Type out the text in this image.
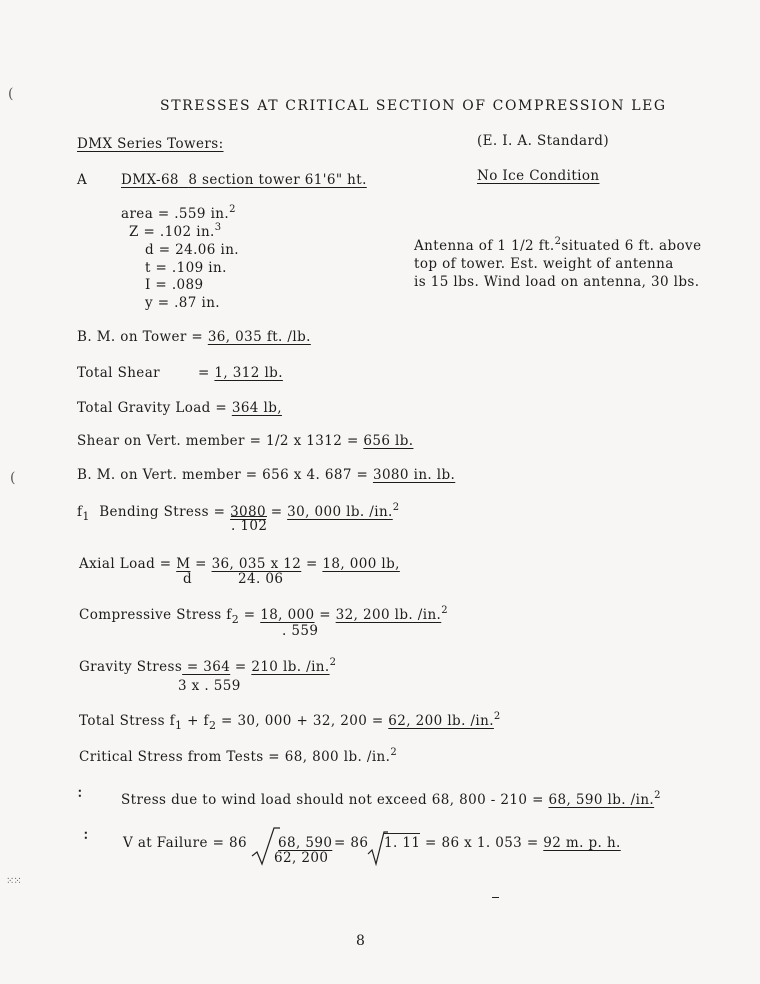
(
(
STRESSES AT CRITICAL SECTION OF COMPRESSION LEG
DMX Series Towers:	(E. I. A. Standard)
A	DMX-68 8 section tower 61'6" ht.	No Ice Condition
area = .559 in.$^2$
Z = .102 in.$^3$
d = 24.06 in.
t = .109 in.
I = .089
y = .87 in.
Antenna of 1 1/2 ft.$^2$situated 6 ft. above
top of tower. Est. weight of antenna
is 15 lbs. Wind load on antenna, 30 lbs.
B. M. on Tower = 36, 035 ft. /lb.
Total Shear	= 1, 312 lb.
Total Gravity Load = 364 lb,
Shear on Vert. member = 1/2 x 1312 = 656 lb.
B. M. on Vert. member = 656 x 4. 687 = 3080 in. lb.
$f_1$ Bending Stress = 3080 = 30, 000 lb. /in.$^2$
. 102
Axial Load = M = 36, 035 x 12 = 18, 000 lb,
d	24. 06
Compressive Stress $f_2 = 18$, 000 = 32, 200 lb. /in.$^2$
. 559
Gravity Stress = 364 = 210 lb. /in.$^2$
3 x . 559
Total Stress $f_1 + f_2 = 30$, 000 + 32, 200 = 62, 200 lb. /in.$^2$
Critical Stress from Tests = 68, 800 lb. /in.$^2$
∶	Stress due to wind load should not exceed 68, 800 - 210 = 68, 590 lb. /in.$^2$
∶ V at Failure = 86 68, 590
62, 200
= 86 1. 11 = 86 x 1. 053 = 92 m. p. h.
⁙⁙
8
